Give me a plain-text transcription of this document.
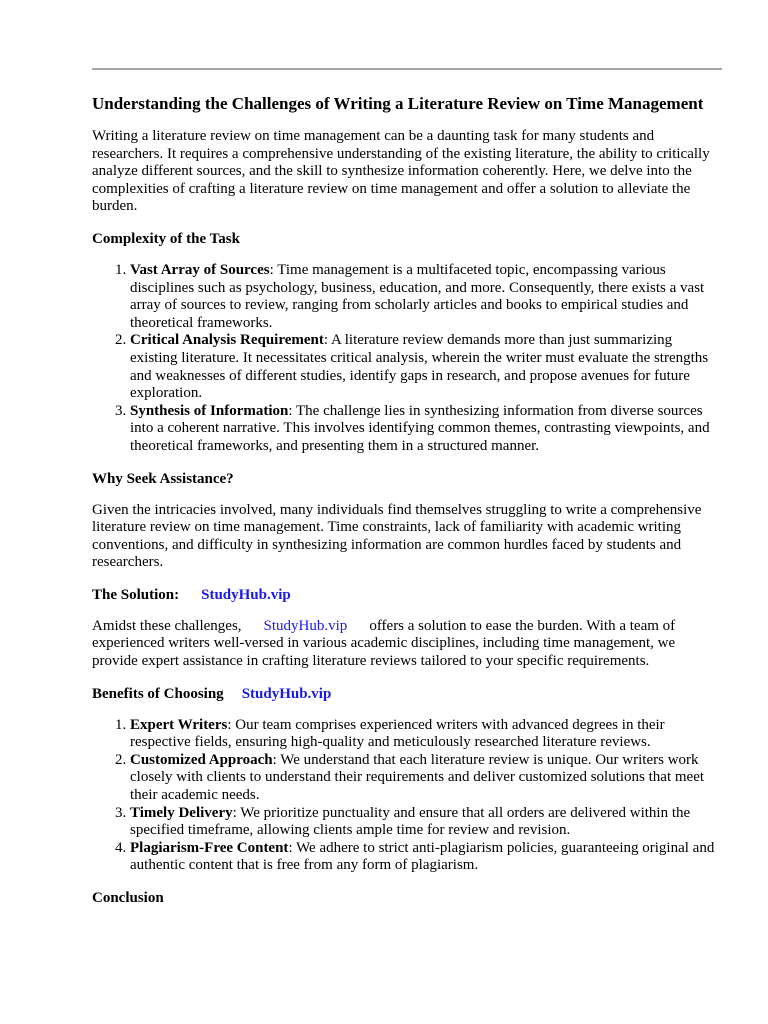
Understanding the Challenges of Writing a Literature Review on Time Management

Writing a literature review on time management can be a daunting task for many students and researchers. It requires a comprehensive understanding of the existing literature, the ability to critically analyze different sources, and the skill to synthesize information coherently. Here, we delve into the complexities of crafting a literature review on time management and offer a solution to alleviate the burden.

Complexity of the Task
1. Vast Array of Sources: Time management is a multifaceted topic, encompassing various disciplines such as psychology, business, education, and more. Consequently, there exists a vast array of sources to review, ranging from scholarly articles and books to empirical studies and theoretical frameworks.
2. Critical Analysis Requirement: A literature review demands more than just summarizing existing literature. It necessitates critical analysis, wherein the writer must evaluate the strengths and weaknesses of different studies, identify gaps in research, and propose avenues for future exploration.
3. Synthesis of Information: The challenge lies in synthesizing information from diverse sources into a coherent narrative. This involves identifying common themes, contrasting viewpoints, and theoretical frameworks, and presenting them in a structured manner.
Why Seek Assistance?

Given the intricacies involved, many individuals find themselves struggling to write a comprehensive literature review on time management. Time constraints, lack of familiarity with academic writing conventions, and difficulty in synthesizing information are common hurdles faced by students and researchers.

The Solution: StudyHub.vip

Amidst these challenges, StudyHub.vip offers a solution to ease the burden. With a team of experienced writers well-versed in various academic disciplines, including time management, we provide expert assistance in crafting literature reviews tailored to your specific requirements.

Benefits of Choosing StudyHub.vip
1. Expert Writers: Our team comprises experienced writers with advanced degrees in their respective fields, ensuring high-quality and meticulously researched literature reviews.
2. Customized Approach: We understand that each literature review is unique. Our writers work closely with clients to understand their requirements and deliver customized solutions that meet their academic needs.
3. Timely Delivery: We prioritize punctuality and ensure that all orders are delivered within the specified timeframe, allowing clients ample time for review and revision.
4. Plagiarism-Free Content: We adhere to strict anti-plagiarism policies, guaranteeing original and authentic content that is free from any form of plagiarism.
Conclusion
